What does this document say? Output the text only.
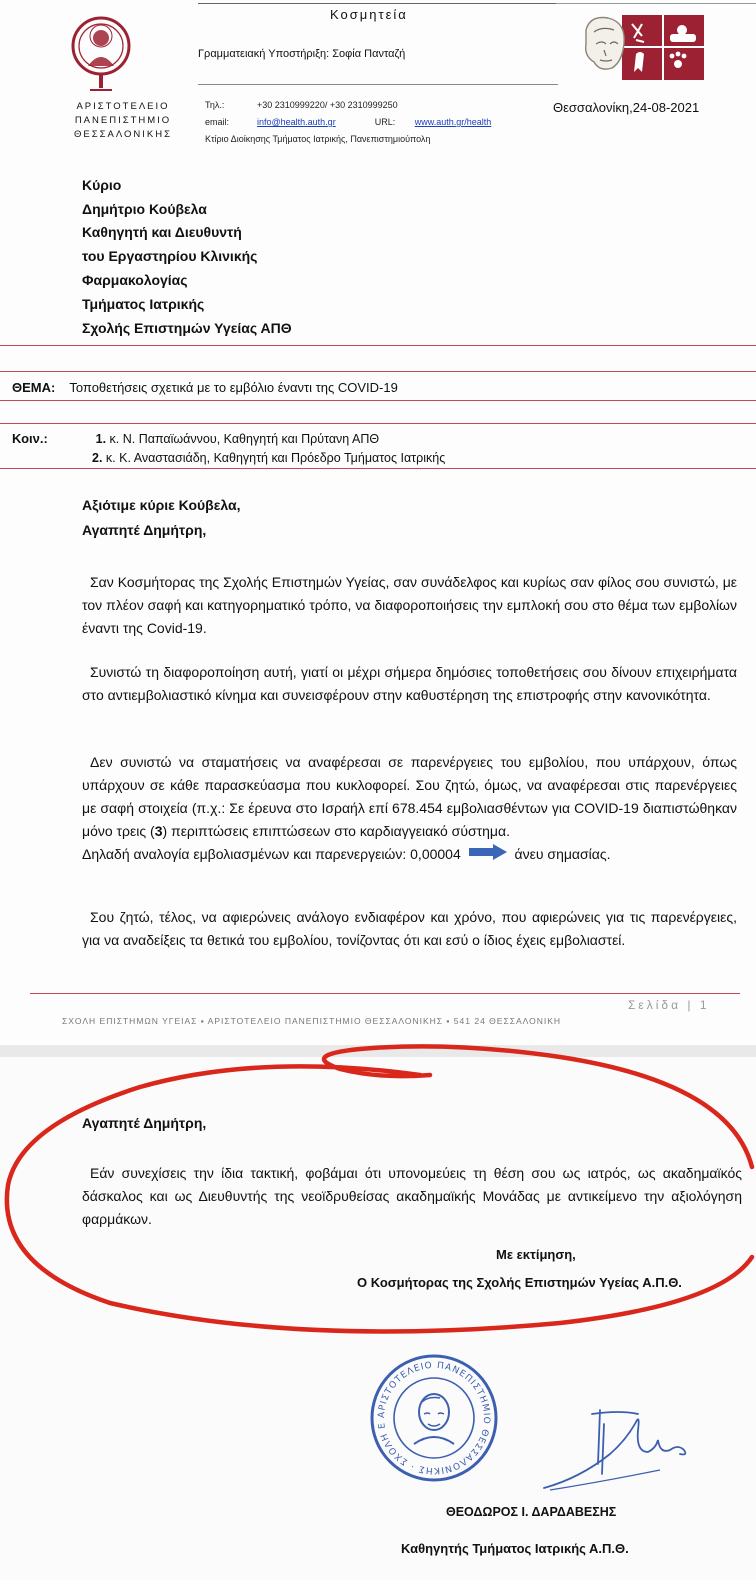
Κοσμητεία
Γραμματειακή Υποστήριξη: Σοφία Πανταζή
Τηλ.:	+30 2310999220/ +30 2310999250
email:	info@health.auth.gr	URL: www.auth.gr/health
Κτίριο Διοίκησης Τμήματος Ιατρικής, Πανεπιστημιούπολη
ΑΡΙΣΤΟΤΕΛΕΙΟ
ΠΑΝΕΠΙΣΤΗΜΙΟ
ΘΕΣΣΑΛΟΝΙΚΗΣ
Θεσσαλονίκη,24-08-2021
Κύριο
Δημήτριο Κούβελα
Καθηγητή και Διευθυντή
του Εργαστηρίου Κλινικής
Φαρμακολογίας
Τμήματος Ιατρικής
Σχολής Επιστημών Υγείας ΑΠΘ
ΘΕΜΑ: Τοποθετήσεις σχετικά με το εμβόλιο έναντι της COVID-19
Κοιν.:	1. κ. Ν. Παπαϊωάννου, Καθηγητή και Πρύτανη ΑΠΘ
2. κ. Κ. Αναστασιάδη, Καθηγητή και Πρόεδρο Τμήματος Ιατρικής
Αξιότιμε κύριε Κούβελα,
Αγαπητέ Δημήτρη,

Σαν Κοσμήτορας της Σχολής Επιστημών Υγείας, σαν συνάδελφος και κυρίως σαν φίλος σου συνιστώ, με τον πλέον σαφή και κατηγορηματικό τρόπο, να διαφοροποιήσεις την εμπλοκή σου στο θέμα των εμβολίων έναντι της Covid-19.

Συνιστώ τη διαφοροποίηση αυτή, γιατί οι μέχρι σήμερα δημόσιες τοποθετήσεις σου δίνουν επιχειρήματα στο αντιεμβολιαστικό κίνημα και συνεισφέρουν στην καθυστέρηση της επιστροφής στην κανονικότητα.

Δεν συνιστώ να σταματήσεις να αναφέρεσαι σε παρενέργειες του εμβολίου, που υπάρχουν, όπως υπάρχουν σε κάθε παρασκεύασμα που κυκλοφορεί. Σου ζητώ, όμως, να αναφέρεσαι στις παρενέργειες με σαφή στοιχεία (π.χ.: Σε έρευνα στο Ισραήλ επί 678.454 εμβολιασθέντων για COVID-19 διαπιστώθηκαν μόνο τρεις (3) περιπτώσεις επιπτώσεων στο καρδιαγγειακό σύστημα.

Δηλαδή αναλογία εμβολιασμένων και παρενεργειών: 0,00004	άνευ σημασίας.

Σου ζητώ, τέλος, να αφιερώνεις ανάλογο ενδιαφέρον και χρόνο, που αφιερώνεις για τις παρενέργειες, για να αναδείξεις τα θετικά του εμβολίου, τονίζοντας ότι και εσύ ο ίδιος έχεις εμβολιαστεί.

Σελίδα | 1
ΣΧΟΛΗ ΕΠΙΣΤΗΜΩΝ ΥΓΕΙΑΣ ▪ ΑΡΙΣΤΟΤΕΛΕΙΟ ΠΑΝΕΠΙΣΤΗΜΙΟ ΘΕΣΣΑΛΟΝΙΚΗΣ ▪ 541 24 ΘΕΣΣΑΛΟΝΙΚΗ
Αγαπητέ Δημήτρη,

Εάν συνεχίσεις την ίδια τακτική, φοβάμαι ότι υπονομεύεις τη θέση σου ως ιατρός, ως ακαδημαϊκός δάσκαλος και ως Διευθυντής της νεοϊδρυθείσας ακαδημαϊκής Μονάδας με αντικείμενο την αξιολόγηση φαρμάκων.

Με εκτίμηση,
Ο Κοσμήτορας της Σχολής Επιστημών Υγείας Α.Π.Θ.
ΑΡΙΣΤΟΤΕΛΕΙΟ ΠΑΝΕΠΙΣΤΗΜΙΟ ΘΕΣΣΑΛΟΝΙΚΗΣ · ΣΧΟΛΗ Ε
ΘΕΟΔΩΡΟΣ Ι. ΔΑΡΔΑΒΕΣΗΣ
Καθηγητής Τμήματος Ιατρικής Α.Π.Θ.
